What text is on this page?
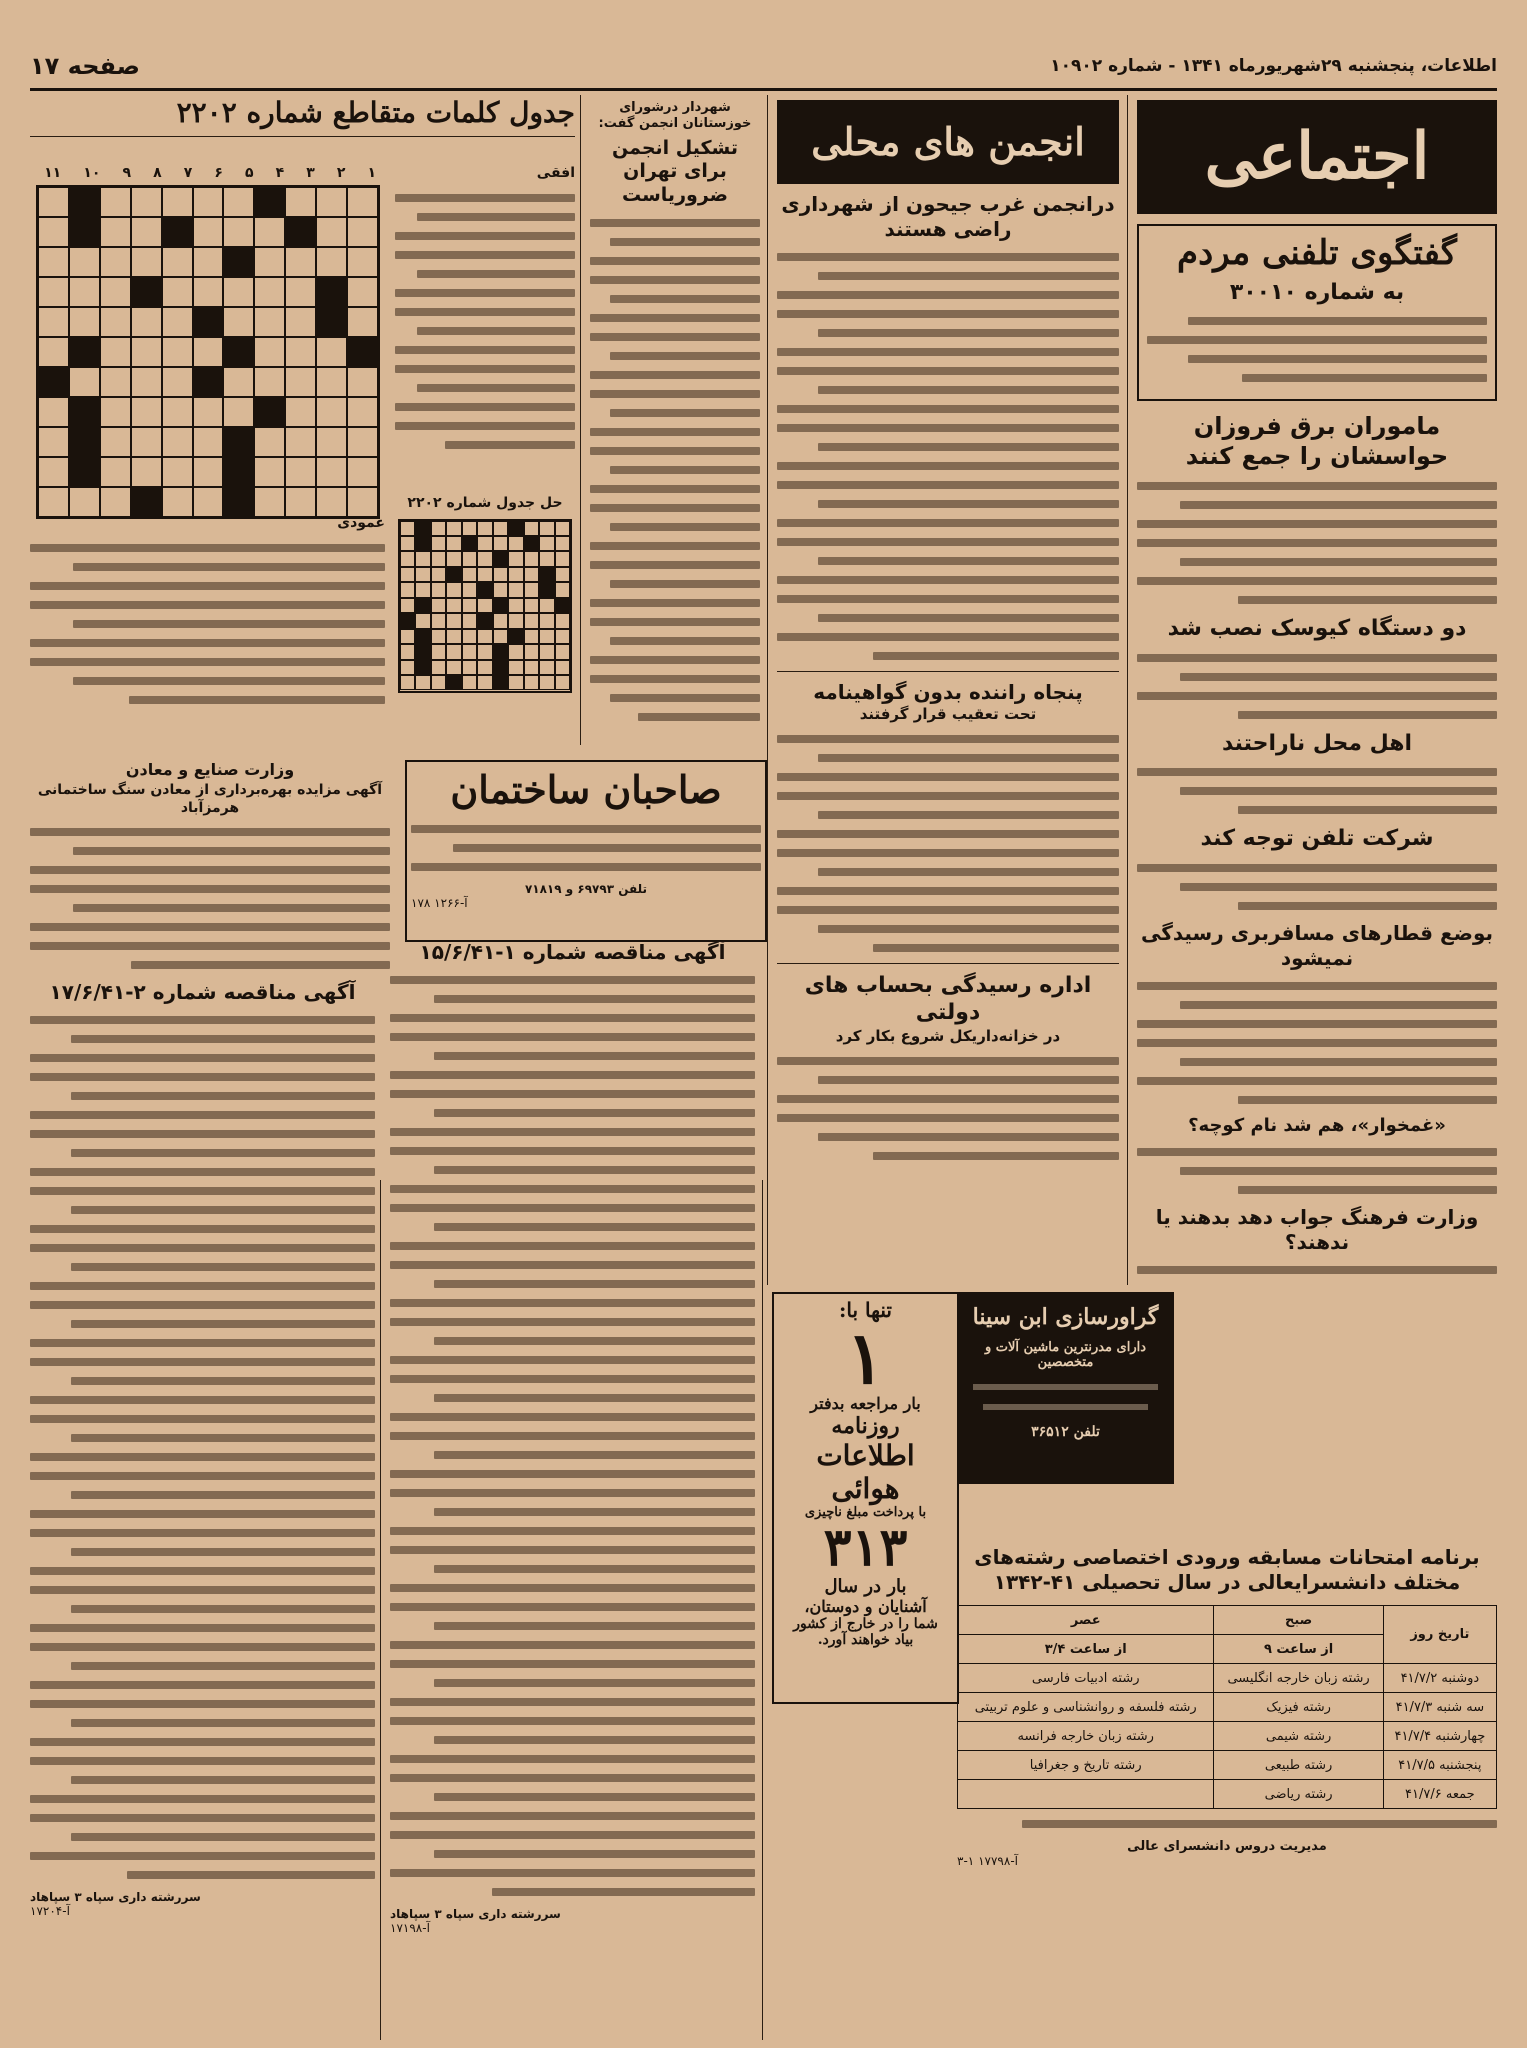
اطلاعات، پنجشنبه ۲۹شهریورماه ۱۳۴۱ - شماره ۱۰۹۰۲
صفحه ۱۷
اجتماعی
گفتگوی تلفنی مردم
به شماره ۳۰۰۱۰
ماموران برق فروزان حواسشان را جمع کنند
دو دستگاه کیوسک نصب شد
اهل محل ناراحتند
شرکت تلفن توجه کند
بوضع قطارهای مسافربری رسیدگی نمیشود
«غمخوار»، هم شد نام کوچه؟
وزارت فرهنگ جواب دهد بدهند یا ندهند؟
انجمن های محلی
درانجمن غرب جیحون از شهرداری راضی هستند
پنجاه راننده بدون گواهینامه
تحت تعقیب قرار گرفتند
اداره رسیدگی بحساب های دولتی
در خزانه‌داریکل شروع بکار کرد
شهردار درشورای خوزستانان انجمن گفت:
تشکیل انجمن برای تهران ضروریاست
جدول کلمات متقاطع شماره ۲۲۰۲
افقی
۱
۲
۳
۴
۵
۶
۷
۸
۹
۱۰
۱۱
عمودی
حل جدول شماره ۲۲۰۲
وزارت صنایع و معادن
آگهی مزایده بهره‌برداری از معادن سنگ ساختمانی هرمزآباد	صاحبان ساختمان
تلفن ۶۹۷۹۳ و ۷۱۸۱۹
آ-۱۲۶۶ ۱۷۸
آگهی مناقصه شماره ۲-۱۷/۶/۴۱
سررشته داری سپاه ۳ سپاهاد
آ-۱۷۲۰۴
آگهی مناقصه شماره ۱-۱۵/۶/۴۱
سررشته داری سپاه ۳ سپاهاد
آ-۱۷۱۹۸
تنها با:
۱
بار مراجعه بدفتر
روزنامه
اطلاعات هوائی
با پرداخت مبلغ ناچیزی
۳۱۳
بار در سال
آشنایان و دوستان،
شما را در خارج از کشور
بیاد خواهند آورد.
گراورسازی ابن سینا
دارای مدرنترین ماشین آلات و متخصصین
تلفن ۳۶۵۱۲
برنامه امتحانات مسابقه ورودی اختصاصی رشته‌های مختلف دانشسرایعالی در سال تحصیلی ۴۱-۱۳۴۲
تاریخ روز	صبح	عصر
	از ساعت ۹	از ساعت ۳/۴
دوشنبه ۴۱/۷/۲	رشته زبان خارجه انگلیسی	رشته ادبیات فارسی
سه شنبه ۴۱/۷/۳	رشته فیزیک	رشته فلسفه و روانشناسی و علوم تربیتی
چهارشنبه ۴۱/۷/۴	رشته شیمی	رشته زبان خارجه فرانسه
پنجشنبه ۴۱/۷/۵	رشته طبیعی	رشته تاریخ و جغرافیا
جمعه ۴۱/۷/۶	رشته ریاضی	
مدیریت دروس دانشسرای عالی
آ-۱۷۷۹۸ ۱-۳
